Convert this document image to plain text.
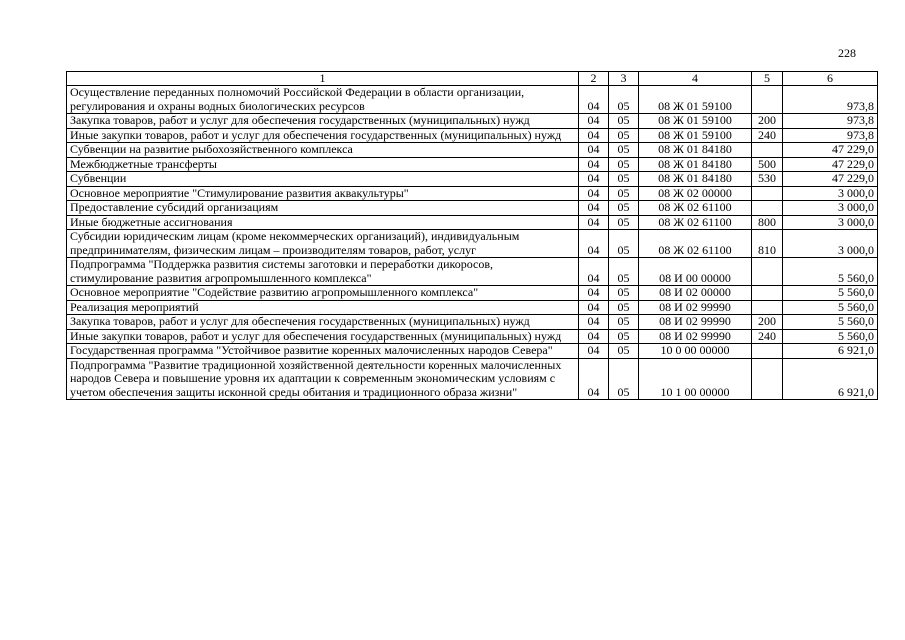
228
1	2	3	4	5	6
Осуществление переданных полномочий Российской Федерации в области организации, регулирования и охраны водных биологических ресурсов	04	05	08 Ж 01 59100		973,8
Закупка товаров, работ и услуг для обеспечения государственных (муниципальных) нужд	04	05	08 Ж 01 59100	200	973,8
Иные закупки товаров, работ и услуг для обеспечения государственных (муниципальных) нужд	04	05	08 Ж 01 59100	240	973,8
Субвенции на развитие рыбохозяйственного комплекса	04	05	08 Ж 01 84180		47 229,0
Межбюджетные трансферты	04	05	08 Ж 01 84180	500	47 229,0
Субвенции	04	05	08 Ж 01 84180	530	47 229,0
Основное мероприятие "Стимулирование развития аквакультуры"	04	05	08 Ж 02 00000		3 000,0
Предоставление субсидий организациям	04	05	08 Ж 02 61100		3 000,0
Иные бюджетные ассигнования	04	05	08 Ж 02 61100	800	3 000,0
Субсидии юридическим лицам (кроме некоммерческих организаций), индивидуальным предпринимателям, физическим лицам – производителям товаров, работ, услуг	04	05	08 Ж 02 61100	810	3 000,0
Подпрограмма "Поддержка развития системы заготовки и переработки дикоросов, стимулирование развития агропромышленного комплекса"	04	05	08 И 00 00000		5 560,0
Основное мероприятие "Содействие развитию агропромышленного комплекса"	04	05	08 И 02 00000		5 560,0
Реализация мероприятий	04	05	08 И 02 99990		5 560,0
Закупка товаров, работ и услуг для обеспечения государственных (муниципальных) нужд	04	05	08 И 02 99990	200	5 560,0
Иные закупки товаров, работ и услуг для обеспечения государственных (муниципальных) нужд	04	05	08 И 02 99990	240	5 560,0
Государственная программа "Устойчивое развитие коренных малочисленных народов Севера"	04	05	10 0 00 00000		6 921,0
Подпрограмма "Развитие традиционной хозяйственной деятельности коренных малочисленных народов Севера и повышение уровня их адаптации к современным экономическим условиям с учетом обеспечения защиты исконной среды обитания и традиционного образа жизни"	04	05	10 1 00 00000		6 921,0
